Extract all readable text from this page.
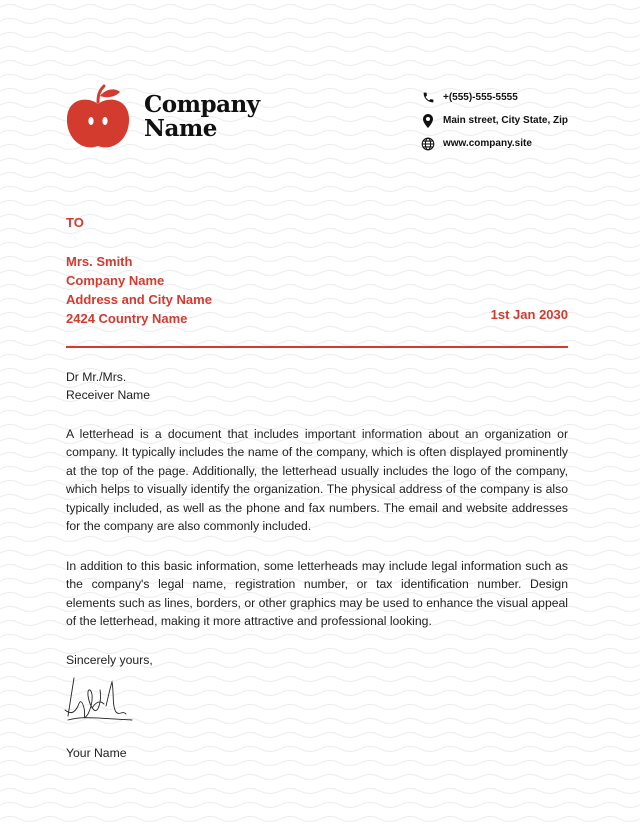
Company
Name
+(555)-555-5555
Main street, City State, Zip
www.company.site
TO
Mrs. Smith
Company Name
Address and City Name
2424 Country Name	1st Jan 2030
Dr Mr./Mrs.
Receiver Name
A letterhead is a document that includes important information about an organization or company. It typically includes the name of the company, which is often displayed prominently at the top of the page. Additionally, the letterhead usually includes the logo of the company, which helps to visually identify the organization. The physical address of the company is also typically included, as well as the phone and fax numbers. The email and website addresses for the company are also commonly included.
In addition to this basic information, some letterheads may include legal information such as the company's legal name, registration number, or tax identification number. Design elements such as lines, borders, or other graphics may be used to enhance the visual appeal of the letterhead, making it more attractive and professional looking.
Sincerely yours,
Your Name
